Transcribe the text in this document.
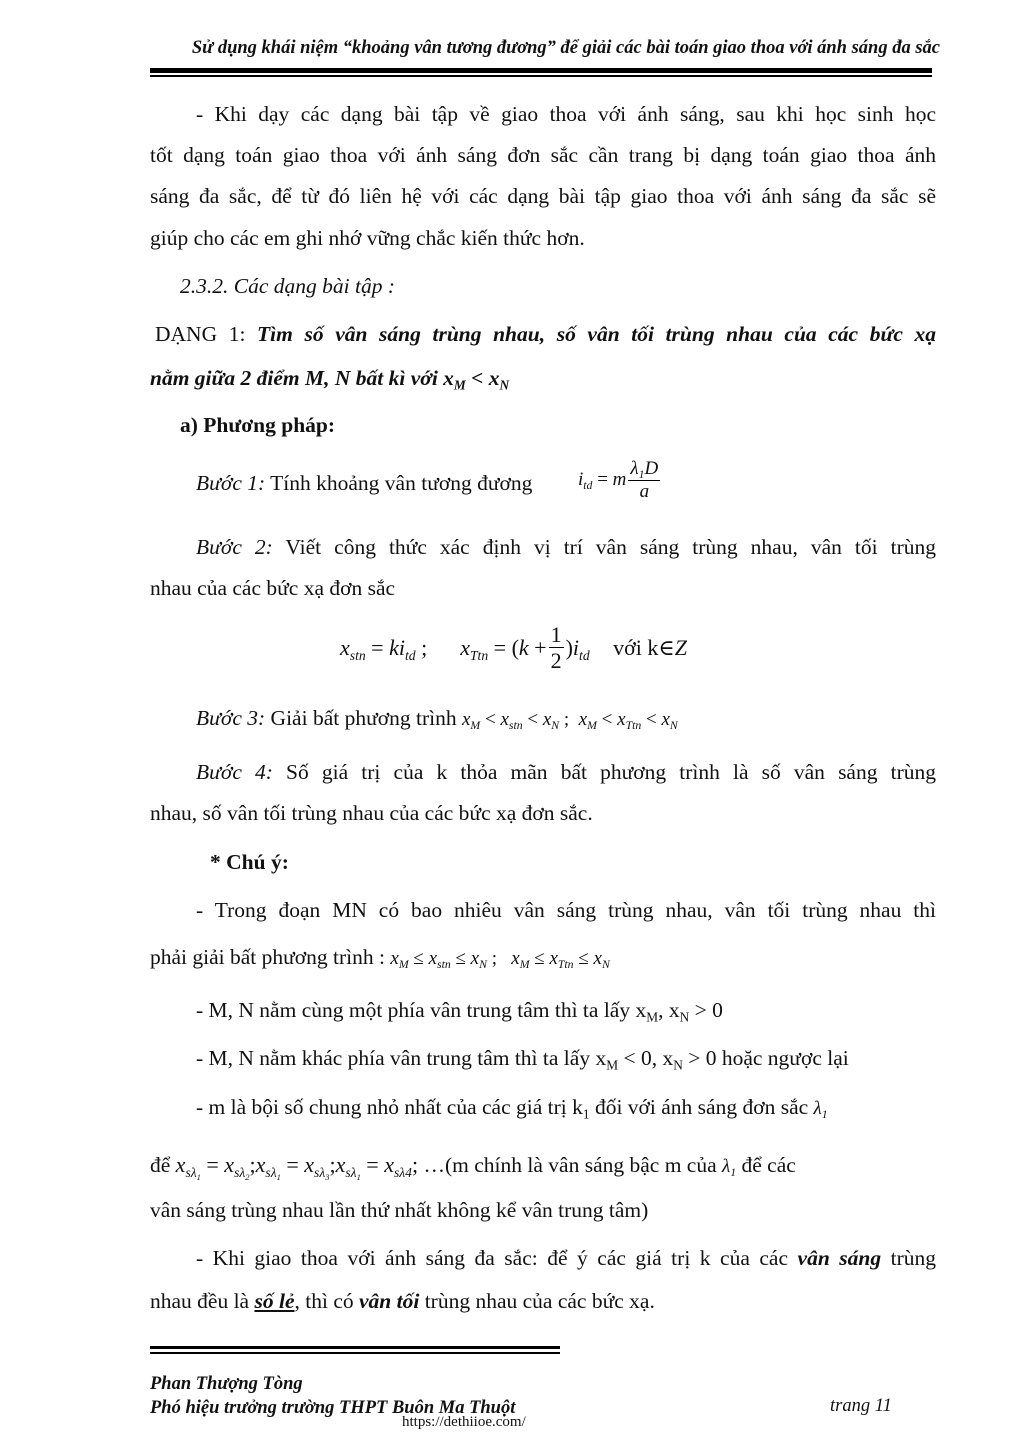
Sử dụng khái niệm “khoảng vân tương đương” để giải các bài toán giao thoa với ánh sáng đa sắc
- Khi dạy các dạng bài tập về giao thoa với ánh sáng, sau khi học sinh học
tốt dạng toán giao thoa với ánh sáng đơn sắc cần trang bị dạng toán giao thoa ánh
sáng đa sắc, để từ đó liên hệ với các dạng bài tập giao thoa với ánh sáng đa sắc sẽ
giúp cho các em ghi nhớ vững chắc kiến thức hơn.
2.3.2. Các dạng bài tập :
DẠNG 1: Tìm số vân sáng trùng nhau, số vân tối trùng nhau của các bức xạ
nằm giữa 2 điểm M, N bất kì với $x_M < x_N$
a) Phương pháp:
Bước 1: Tính khoảng vân tương đương $i_{td} = m \frac{\lambda_1D}{a}$
Bước 2: Viết công thức xác định vị trí vân sáng trùng nhau, vân tối trùng
nhau của các bức xạ đơn sắc
$x_{stn} = ki_{td}$ ;      $x_{Ttn} = (k + \frac{1}{2} )i_{td}$ với k∈Z
Bước 3: Giải bất phương trình $x_M < x_{stn} < x_N$ ;  $x_M < x_{Ttn} < x_N$
Bước 4: Số giá trị của k thỏa mãn bất phương trình là số vân sáng trùng
nhau, số vân tối trùng nhau của các bức xạ đơn sắc.
* Chú ý:
- Trong đoạn MN có bao nhiêu vân sáng trùng nhau, vân tối trùng nhau thì
phải giải bất phương trình : $x_M \le x_{stn} \le x_N$ ;   $x_M \le x_{Ttn} \le x_N$
- M, N nằm cùng một phía vân trung tâm thì ta lấy $x_M$, $x_N > 0$
- M, N nằm khác phía vân trung tâm thì ta lấy $x_M < 0$, $x_N > 0$ hoặc ngược lại
- m là bội số chung nhỏ nhất của các giá trị $k_1$ đối với ánh sáng đơn sắc $\lambda_1$
để $x_{s\lambda_1}$ = $x_{s\lambda_2};x_{s\lambda_1}$ = $x_{s\lambda_3};x_{s\lambda_1} = x_{s\lambda 4}$; …(m chính là vân sáng bậc m của $\lambda_1$ để các
vân sáng trùng nhau lần thứ nhất không kể vân trung tâm)
- Khi giao thoa với ánh sáng đa sắc: để ý các giá trị k của các vân sáng trùng
nhau đều là số lẻ, thì có vân tối trùng nhau của các bức xạ.
Phan Thượng Tòng
Phó hiệu trưởng trường THPT Buôn Ma Thuột	trang 11
https://dethiioe.com/
